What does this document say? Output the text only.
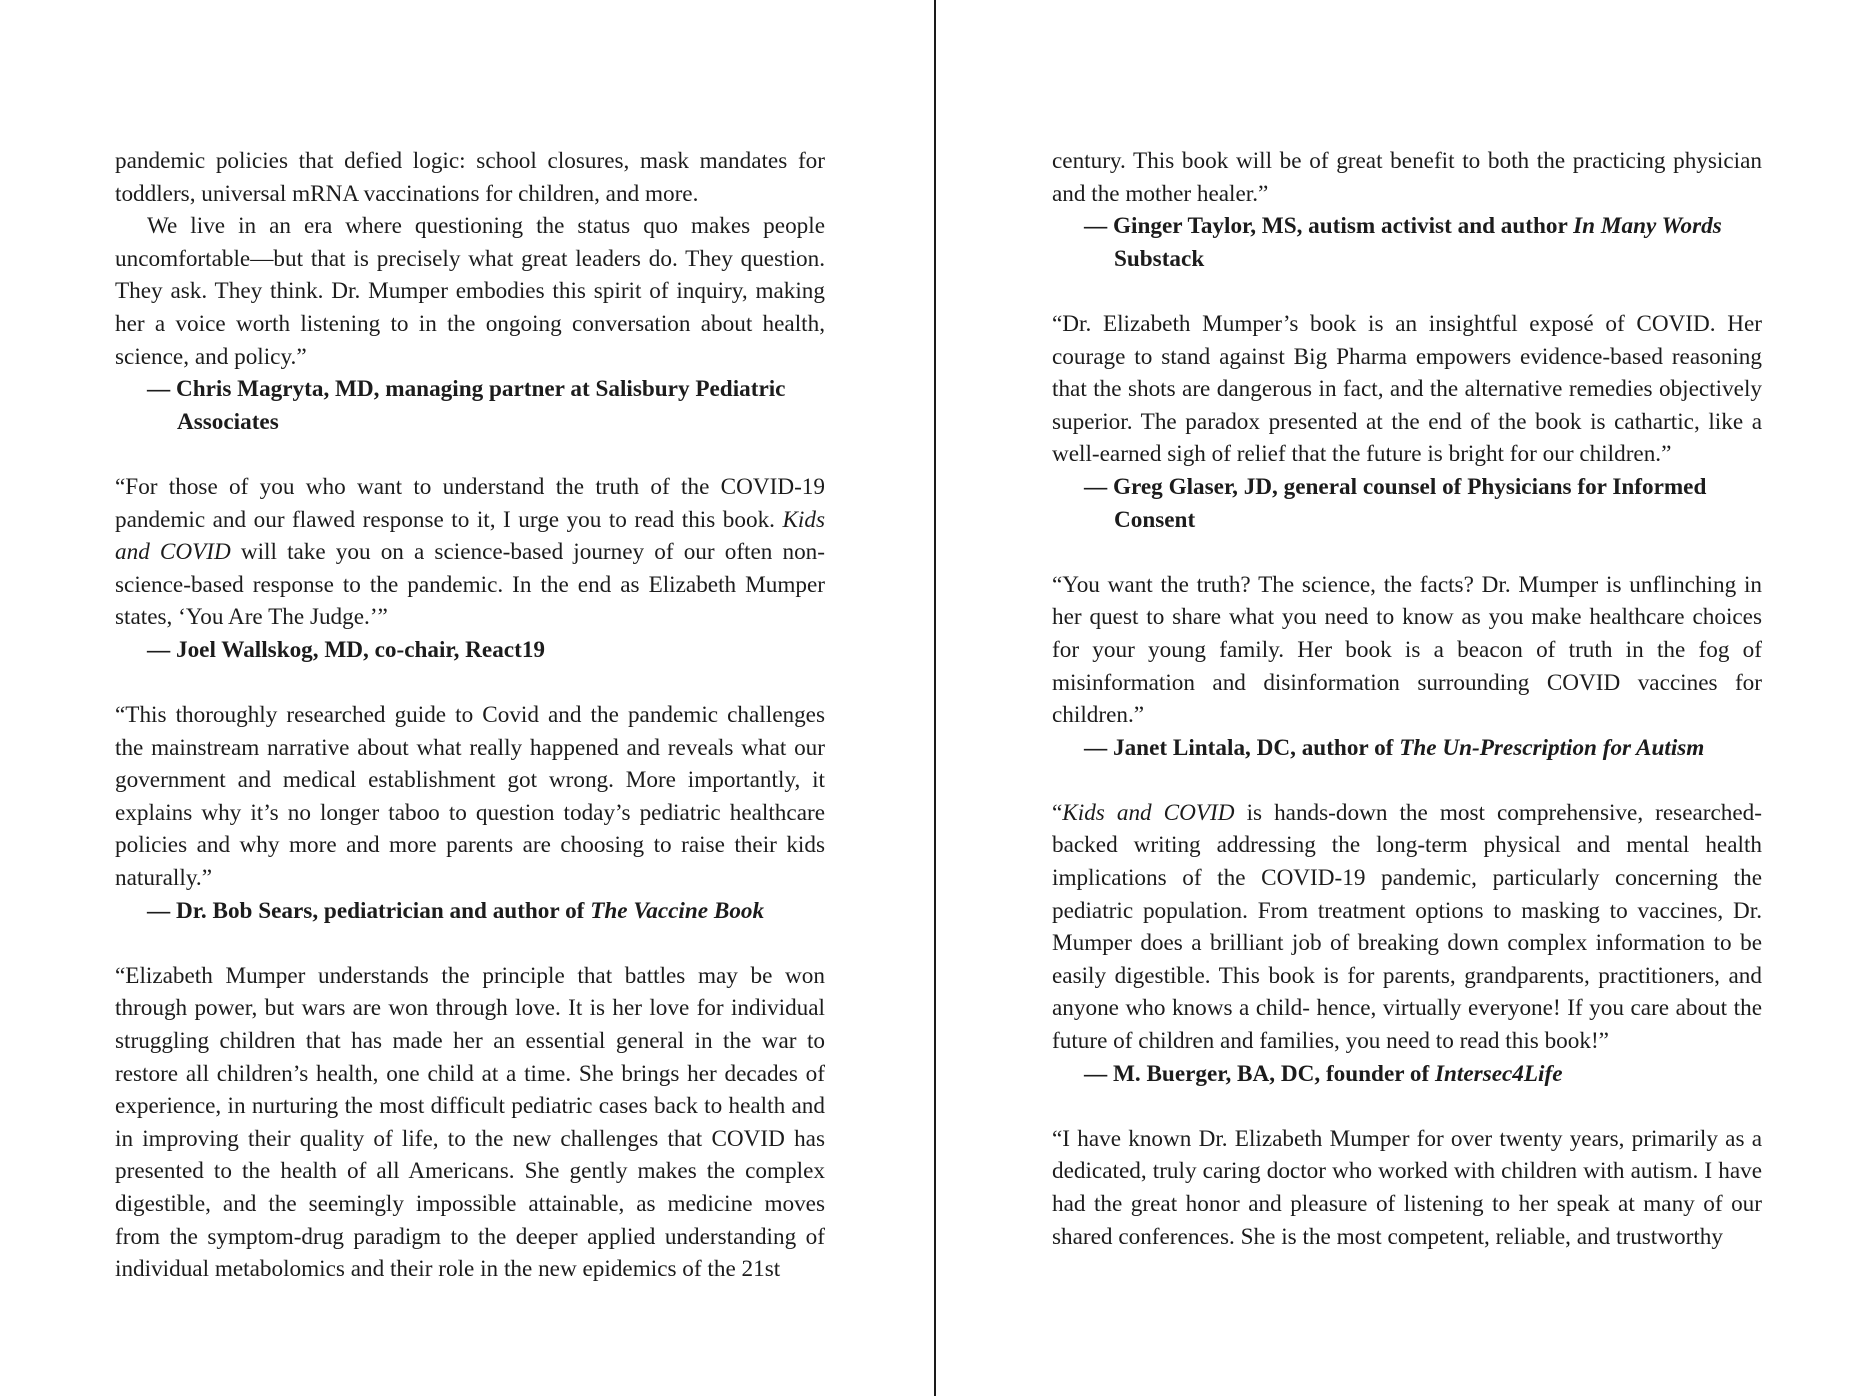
pandemic policies that defied logic: school closures, mask mandates for toddlers, universal mRNA vaccinations for children, and more.

We live in an era where questioning the status quo makes people uncomfortable—but that is precisely what great leaders do. They question. They ask. They think. Dr. Mumper embodies this spirit of inquiry, making her a voice worth listening to in the ongoing conversation about health, science, and policy.”

— Chris Magryta, MD, managing partner at Salisbury Pediatric Associates

“For those of you who want to understand the truth of the COVID-19 pandemic and our flawed response to it, I urge you to read this book. Kids and COVID will take you on a science-based journey of our often non-science-based response to the pandemic. In the end as Elizabeth Mumper states, ‘You Are The Judge.’”

— Joel Wallskog, MD, co-chair, React19

“This thoroughly researched guide to Covid and the pandemic challenges the mainstream narrative about what really happened and reveals what our government and medical establishment got wrong. More importantly, it explains why it’s no longer taboo to question today’s pediatric healthcare policies and why more and more parents are choosing to raise their kids naturally.”

— Dr. Bob Sears, pediatrician and author of The Vaccine Book

“Elizabeth Mumper understands the principle that battles may be won through power, but wars are won through love. It is her love for individual struggling children that has made her an essential general in the war to restore all children’s health, one child at a time. She brings her decades of experience, in nurturing the most difficult pediatric cases back to health and in improving their quality of life, to the new challenges that COVID has presented to the health of all Americans. She gently makes the complex digestible, and the seemingly impossible attainable, as medicine moves from the symptom-drug paradigm to the deeper applied understanding of individual metabolomics and their role in the new epidemics of the 21st

century. This book will be of great benefit to both the practicing physician and the mother healer.”

— Ginger Taylor, MS, autism activist and author In Many Words Substack

“Dr. Elizabeth Mumper’s book is an insightful exposé of COVID. Her courage to stand against Big Pharma empowers evidence-based reasoning that the shots are dangerous in fact, and the alternative remedies objectively superior. The paradox presented at the end of the book is cathartic, like a well-earned sigh of relief that the future is bright for our children.”

— Greg Glaser, JD, general counsel of Physicians for Informed Consent

“You want the truth? The science, the facts? Dr. Mumper is unflinching in her quest to share what you need to know as you make healthcare choices for your young family. Her book is a beacon of truth in the fog of misinformation and disinformation surrounding COVID vaccines for children.”

— Janet Lintala, DC, author of The Un-Prescription for Autism

“Kids and COVID is hands-down the most comprehensive, researched-backed writing addressing the long-term physical and mental health implications of the COVID-19 pandemic, particularly concerning the pediatric population. From treatment options to masking to vaccines, Dr. Mumper does a brilliant job of breaking down complex information to be easily digestible. This book is for parents, grandparents, practitioners, and anyone who knows a child- hence, virtually everyone! If you care about the future of children and families, you need to read this book!”

— M. Buerger, BA, DC, founder of Intersec4Life

“I have known Dr. Elizabeth Mumper for over twenty years, primarily as a dedicated, truly caring doctor who worked with children with autism. I have had the great honor and pleasure of listening to her speak at many of our shared conferences. She is the most competent, reliable, and trustworthy
